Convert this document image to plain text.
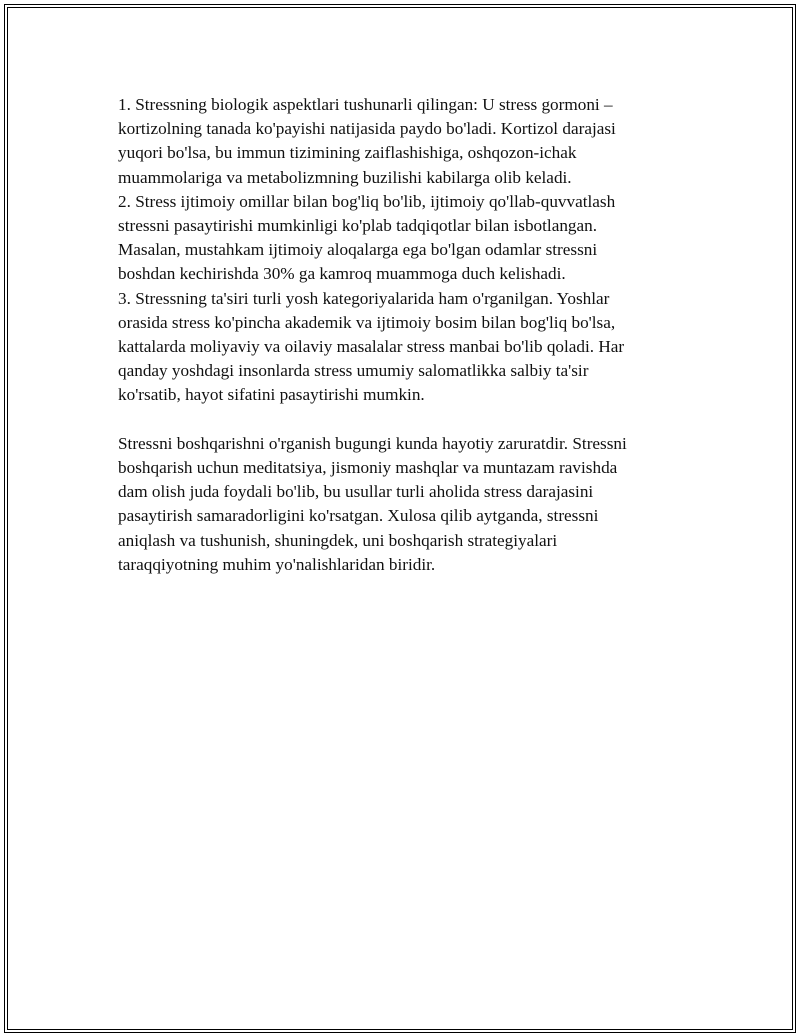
1. Stressning biologik aspektlari tushunarli qilingan: U stress gormoni –
kortizolning tanada ko'payishi natijasida paydo bo'ladi. Kortizol darajasi
yuqori bo'lsa, bu immun tizimining zaiflashishiga, oshqozon-ichak
muammolariga va metabolizmning buzilishi kabilarga olib keladi.
2. Stress ijtimoiy omillar bilan bog'liq bo'lib, ijtimoiy qo'llab-quvvatlash
stressni pasaytirishi mumkinligi ko'plab tadqiqotlar bilan isbotlangan.
Masalan, mustahkam ijtimoiy aloqalarga ega bo'lgan odamlar stressni
boshdan kechirishda 30% ga kamroq muammoga duch kelishadi.
3. Stressning ta'siri turli yosh kategoriyalarida ham o'rganilgan. Yoshlar
orasida stress ko'pincha akademik va ijtimoiy bosim bilan bog'liq bo'lsa,
kattalarda moliyaviy va oilaviy masalalar stress manbai bo'lib qoladi. Har
qanday yoshdagi insonlarda stress umumiy salomatlikka salbiy ta'sir
ko'rsatib, hayot sifatini pasaytirishi mumkin.
Stressni boshqarishni o'rganish bugungi kunda hayotiy zaruratdir. Stressni
boshqarish uchun meditatsiya, jismoniy mashqlar va muntazam ravishda
dam olish juda foydali bo'lib, bu usullar turli aholida stress darajasini
pasaytirish samaradorligini ko'rsatgan. Xulosa qilib aytganda, stressni
aniqlash va tushunish, shuningdek, uni boshqarish strategiyalari
taraqqiyotning muhim yo'nalishlaridan biridir.
